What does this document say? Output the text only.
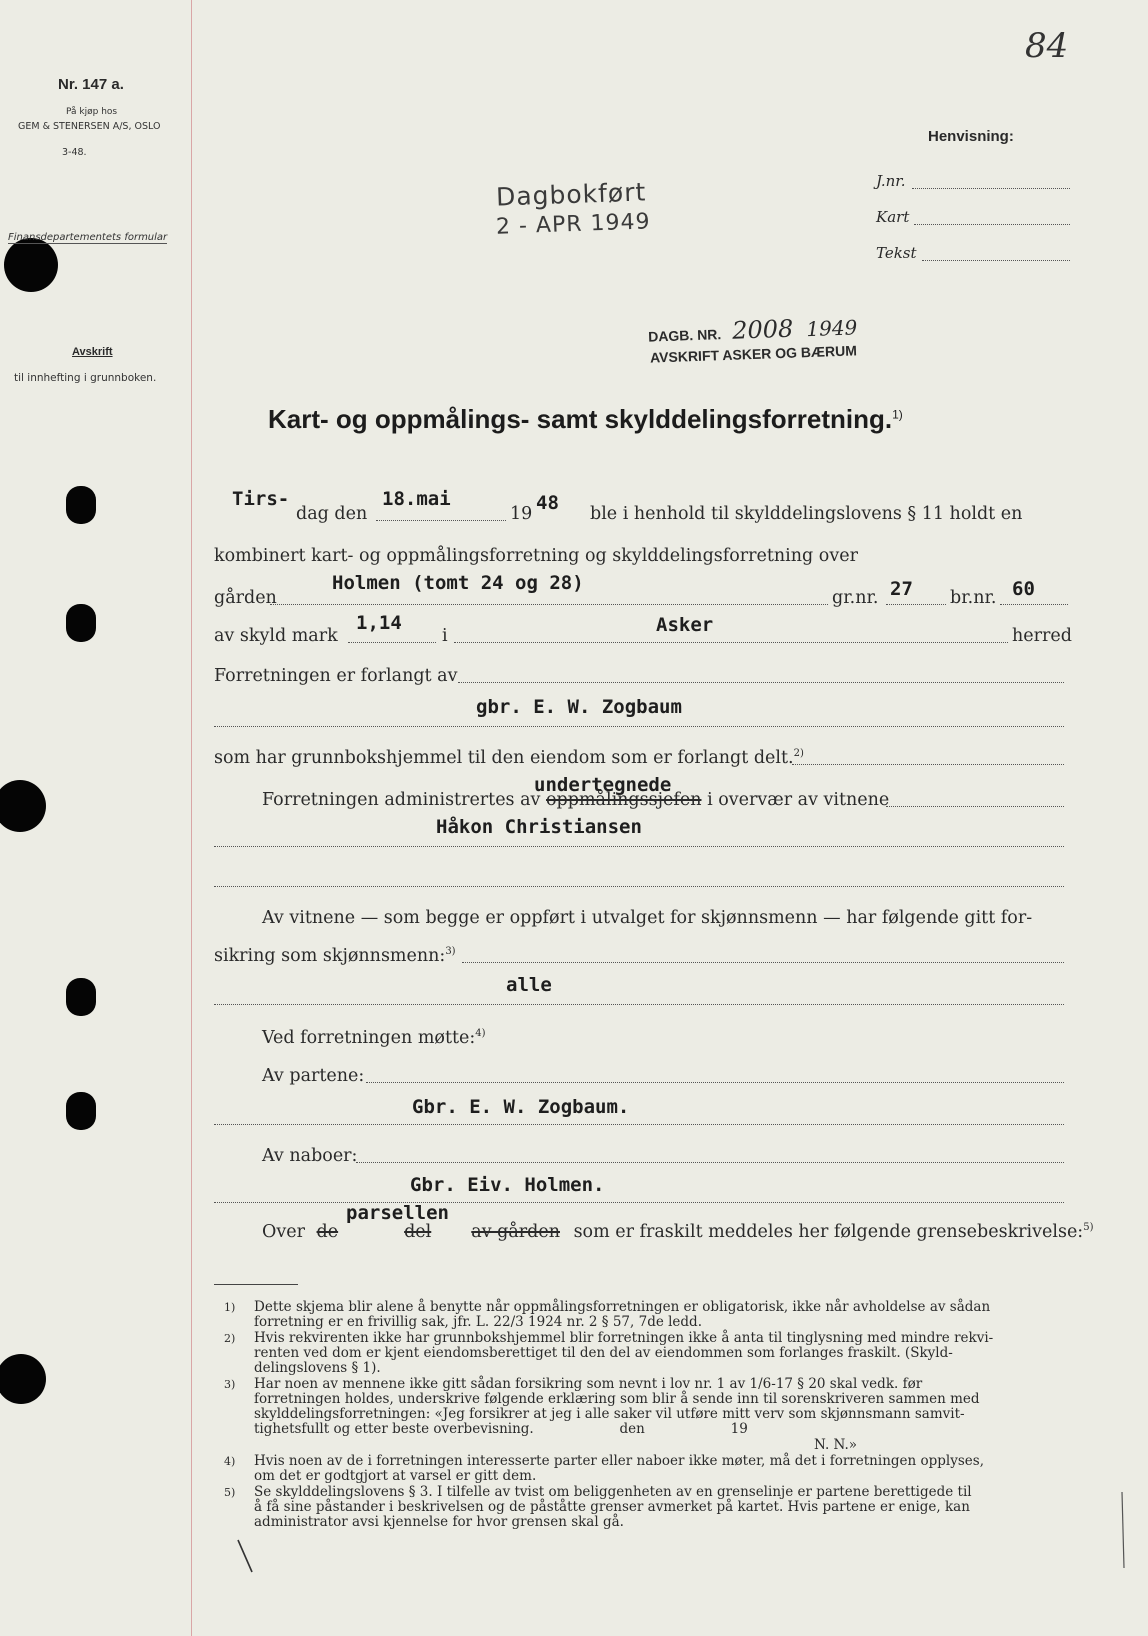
84
Nr. 147 a.
På kjøp hos
GEM & STENERSEN A/S, OSLO
3-48.
Finansdepartementets formular
Avskrift
til innhefting i grunnboken.
Henvisning:
J.nr.
Kart
Tekst
Dagbokført
2 - APR 1949
DAGB. NR. 2008 1949
AVSKRIFT ASKER OG BÆRUM
Kart- og oppmålings- samt skylddelingsforretning.$^{1)}$
Tirs-
dag den
18.mai
19 48 ble i henhold til skylddelingslovens § 11 holdt en
kombinert kart- og oppmålingsforretning og skylddelingsforretning over
gården
Holmen (tomt 24 og 28)
gr.nr. 27 br.nr. 60
av skyld mark
1,14
i	Asker	herred
Forretningen er forlangt av
gbr. E. W. Zogbaum
som har grunnbokshjemmel til den eiendom som er forlangt delt.$^{2)}$
undertegnede
Forretningen administrertes av oppmålingssjefen i overvær av vitnene
Håkon Christiansen
Av vitnene — som begge er oppført i utvalget for skjønnsmenn — har følgende gitt for-
sikring som skjønnsmenn:$^{3)}$
alle
Ved forretningen møtte:$^{4)}$
Av partene:
Gbr. E. W. Zogbaum.
Av naboer:
Gbr. Eiv. Holmen.
parsellen
Over de	del av gården som er fraskilt meddeles her følgende grensebeskrivelse:$^{5)}$
1) Dette skjema blir alene å benytte når oppmålingsforretningen er obligatorisk, ikke når avholdelse av sådan
forretning er en frivillig sak, jfr. L. 22/3 1924 nr. 2 § 57, 7de ledd.
2) Hvis rekvirenten ikke har grunnbokshjemmel blir forretningen ikke å anta til tinglysning med mindre rekvi-
renten ved dom er kjent eiendomsberettiget til den del av eiendommen som forlanges fraskilt. (Skyld-
delingslovens § 1).
3) Har noen av mennene ikke gitt sådan forsikring som nevnt i lov nr. 1 av 1/6-17 § 20 skal vedk. før
forretningen holdes, underskrive følgende erklæring som blir å sende inn til sorenskriveren sammen med
skylddelingsforretningen: «Jeg forsikrer at jeg i alle saker vil utføre mitt verv som skjønnsmann samvit-
tighetsfullt og etter beste overbevisning.                    den                    19
N. N.»
4) Hvis noen av de i forretningen interesserte parter eller naboer ikke møter, må det i forretningen opplyses,
om det er godtgjort at varsel er gitt dem.
5) Se skylddelingslovens § 3. I tilfelle av tvist om beliggenheten av en grenselinje er partene berettigede til
å få sine påstander i beskrivelsen og de påståtte grenser avmerket på kartet. Hvis partene er enige, kan
administrator avsi kjennelse for hvor grensen skal gå.
